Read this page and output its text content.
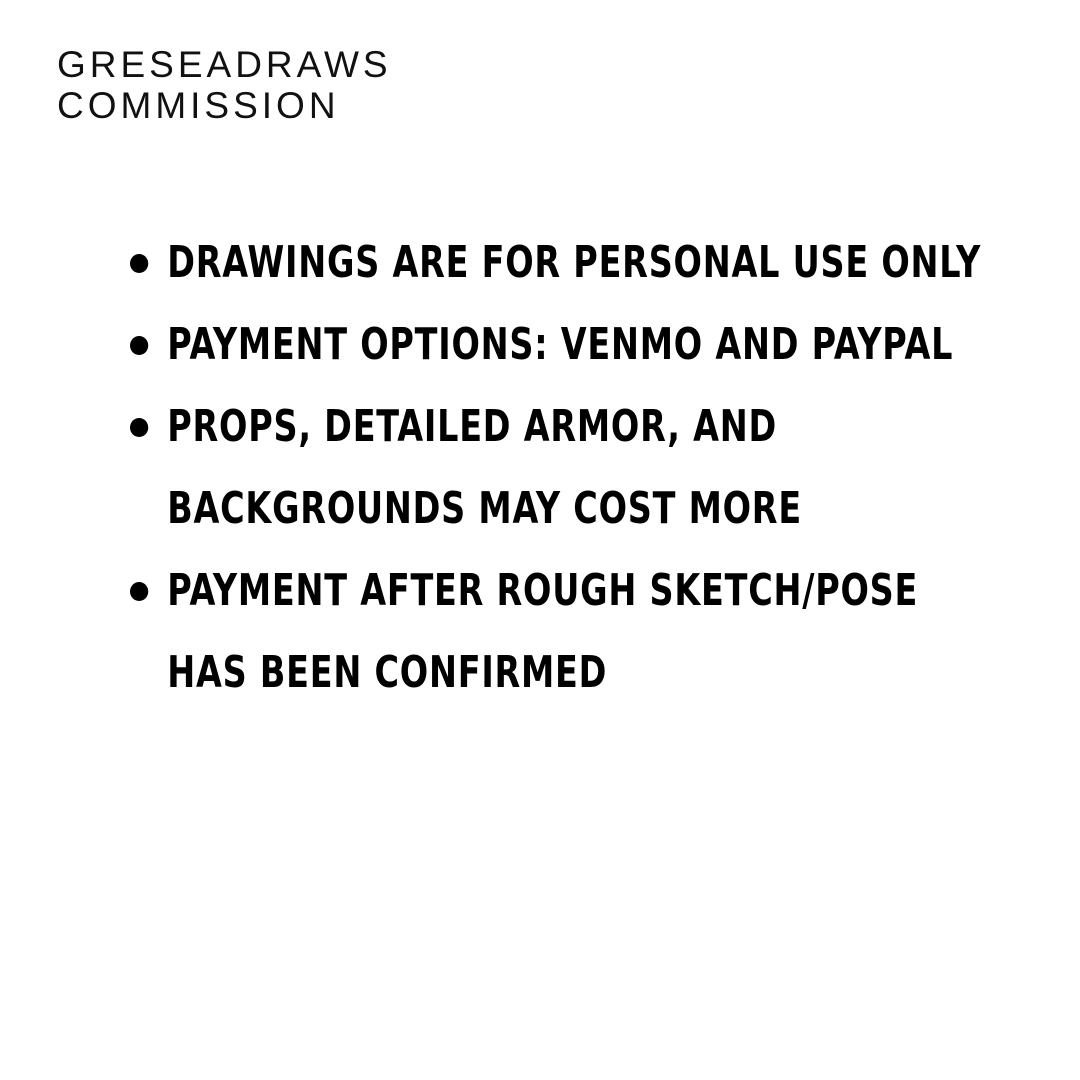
GRESEADRAWS
COMMISSION
DRAWINGS ARE FOR PERSONAL USE ONLY
PAYMENT OPTIONS: VENMO AND PAYPAL
PROPS, DETAILED ARMOR, AND BACKGROUNDS MAY COST MORE
PAYMENT AFTER ROUGH SKETCH/POSE HAS BEEN CONFIRMED
